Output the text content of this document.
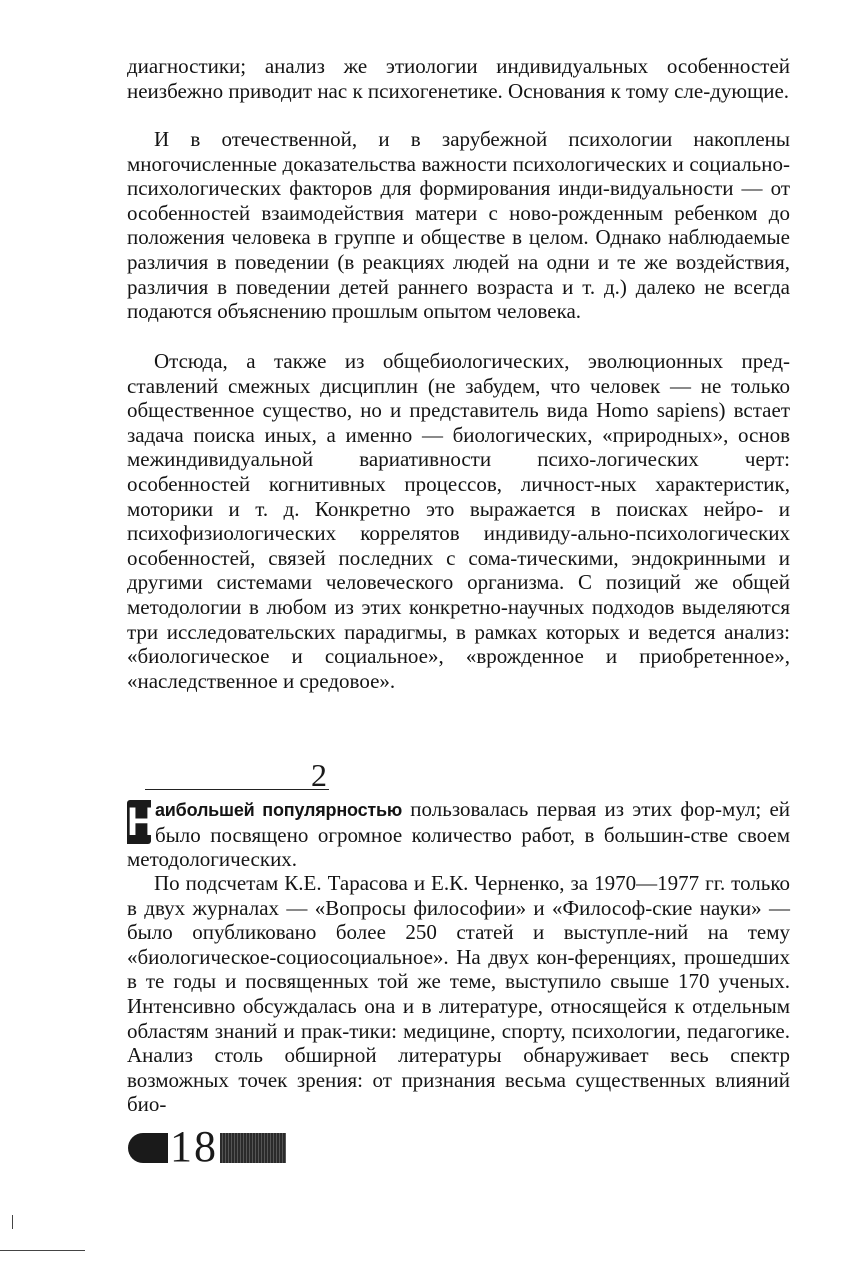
диагностики; анализ же этиологии индивидуальных особенностей неизбежно приводит нас к психогенетике. Основания к тому сле-дующие.

И в отечественной, и в зарубежной психологии накоплены многочисленные доказательства важности психологических и социально-психологических факторов для формирования инди-видуальности — от особенностей взаимодействия матери с ново-рожденным ребенком до положения человека в группе и обществе в целом. Однако наблюдаемые различия в поведении (в реакциях людей на одни и те же воздействия, различия в поведении детей раннего возраста и т. д.) далеко не всегда подаются объяснению прошлым опытом человека.

Отсюда, а также из общебиологических, эволюционных пред-ставлений смежных дисциплин (не забудем, что человек — не только общественное существо, но и представитель вида Homo sapiens) встает задача поиска иных, а именно — биологических, «природных», основ межиндивидуальной вариативности психо-логических черт: особенностей когнитивных процессов, личност-ных характеристик, моторики и т. д. Конкретно это выражается в поисках нейро- и психофизиологических коррелятов индивиду-ально-психологических особенностей, связей последних с сома-тическими, эндокринными и другими системами человеческого организма. С позиций же общей методологии в любом из этих конкретно-научных подходов выделяются три исследовательских парадигмы, в рамках которых и ведется анализ: «биологическое и социальное», «врожденное и приобретенное», «наследственное и средовое».

2

Н аибольшей популярностью пользовалась первая из этих фор-мул; ей было посвящено огромное количество работ, в большин-стве своем методологических.

По подсчетам К.Е. Тарасова и Е.К. Черненко, за 1970—1977 гг. только в двух журналах — «Вопросы философии» и «Философ-ские науки» — было опубликовано более 250 статей и выступле-ний на тему «биологическое-социосоциальное». На двух кон-ференциях, прошедших в те годы и посвященных той же теме, выступило свыше 170 ученых. Интенсивно обсуждалась она и в литературе, относящейся к отдельным областям знаний и прак-тики: медицине, спорту, психологии, педагогике. Анализ столь обширной литературы обнаруживает весь спектр возможных точек зрения: от признания весьма существенных влияний био-

18
